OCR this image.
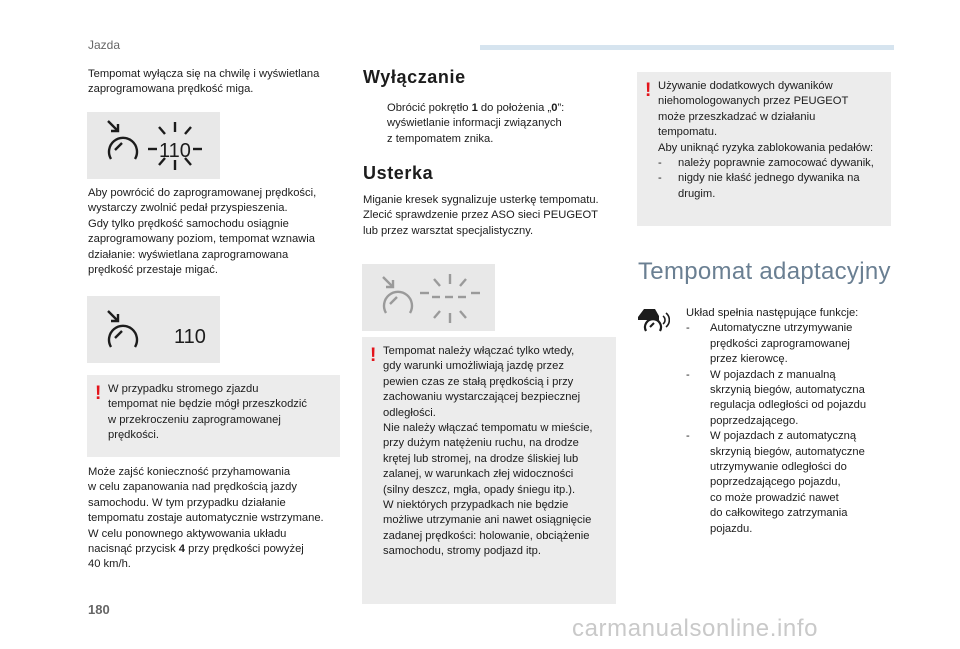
Jazda
Tempomat wyłącza się na chwilę i wyświetlana zaprogramowana prędkość miga.
110

Aby powrócić do zaprogramowanej prędkości,

wystarczy zwolnić pedał przyspieszenia.

Gdy tylko prędkość samochodu osiągnie

zaprogramowany poziom, tempomat wznawia

działanie: wyświetlana zaprogramowana

prędkość przestaje migać.

110
! W przypadku stromego zjazdu

tempomat nie będzie mógł przeszkodzić

w przekroczeniu zaprogramowanej

prędkości.

Może zajść konieczność przyhamowania

w celu zapanowania nad prędkością jazdy

samochodu. W tym przypadku działanie

tempomatu zostaje automatycznie wstrzymane.

W celu ponownego aktywowania układu

nacisnąć przycisk 4 przy prędkości powyżej

40 km/h.

Wyłączanie

Obrócić pokrętło 1 do położenia „0”:

wyświetlanie informacji związanych

z tempomatem znika.

Usterka

Miganie kresek sygnalizuje usterkę tempomatu.

Zlecić sprawdzenie przez ASO sieci PEUGEOT

lub przez warsztat specjalistyczny.

! Tempomat należy włączać tylko wtedy,

gdy warunki umożliwiają jazdę przez

pewien czas ze stałą prędkością i przy

zachowaniu wystarczającej bezpiecznej

odległości.

Nie należy włączać tempomatu w mieście,

przy dużym natężeniu ruchu, na drodze

krętej lub stromej, na drodze śliskiej lub

zalanej, w warunkach złej widoczności

(silny deszcz, mgła, opady śniegu itp.).

W niektórych przypadkach nie będzie

możliwe utrzymanie ani nawet osiągnięcie

zadanej prędkości: holowanie, obciążenie

samochodu, stromy podjazd itp.

! Używanie dodatkowych dywaników

niehomologowanych przez PEUGEOT

może przeszkadzać w działaniu

tempomatu.

Aby uniknąć ryzyka zablokowania pedałów:

- należy poprawnie zamocować dywanik,

- nigdy nie kłaść jednego dywanika na

drugim.

Tempomat adaptacyjny

Układ spełnia następujące funkcje:

- Automatyczne utrzymywanie

prędkości zaprogramowanej

przez kierowcę.

- W pojazdach z manualną

skrzynią biegów, automatyczna

regulacja odległości od pojazdu

poprzedzającego.

- W pojazdach z automatyczną

skrzynią biegów, automatyczne

utrzymywanie odległości do

poprzedzającego pojazdu,

co może prowadzić nawet

do całkowitego zatrzymania

pojazdu.

180
carmanualsonline.info
